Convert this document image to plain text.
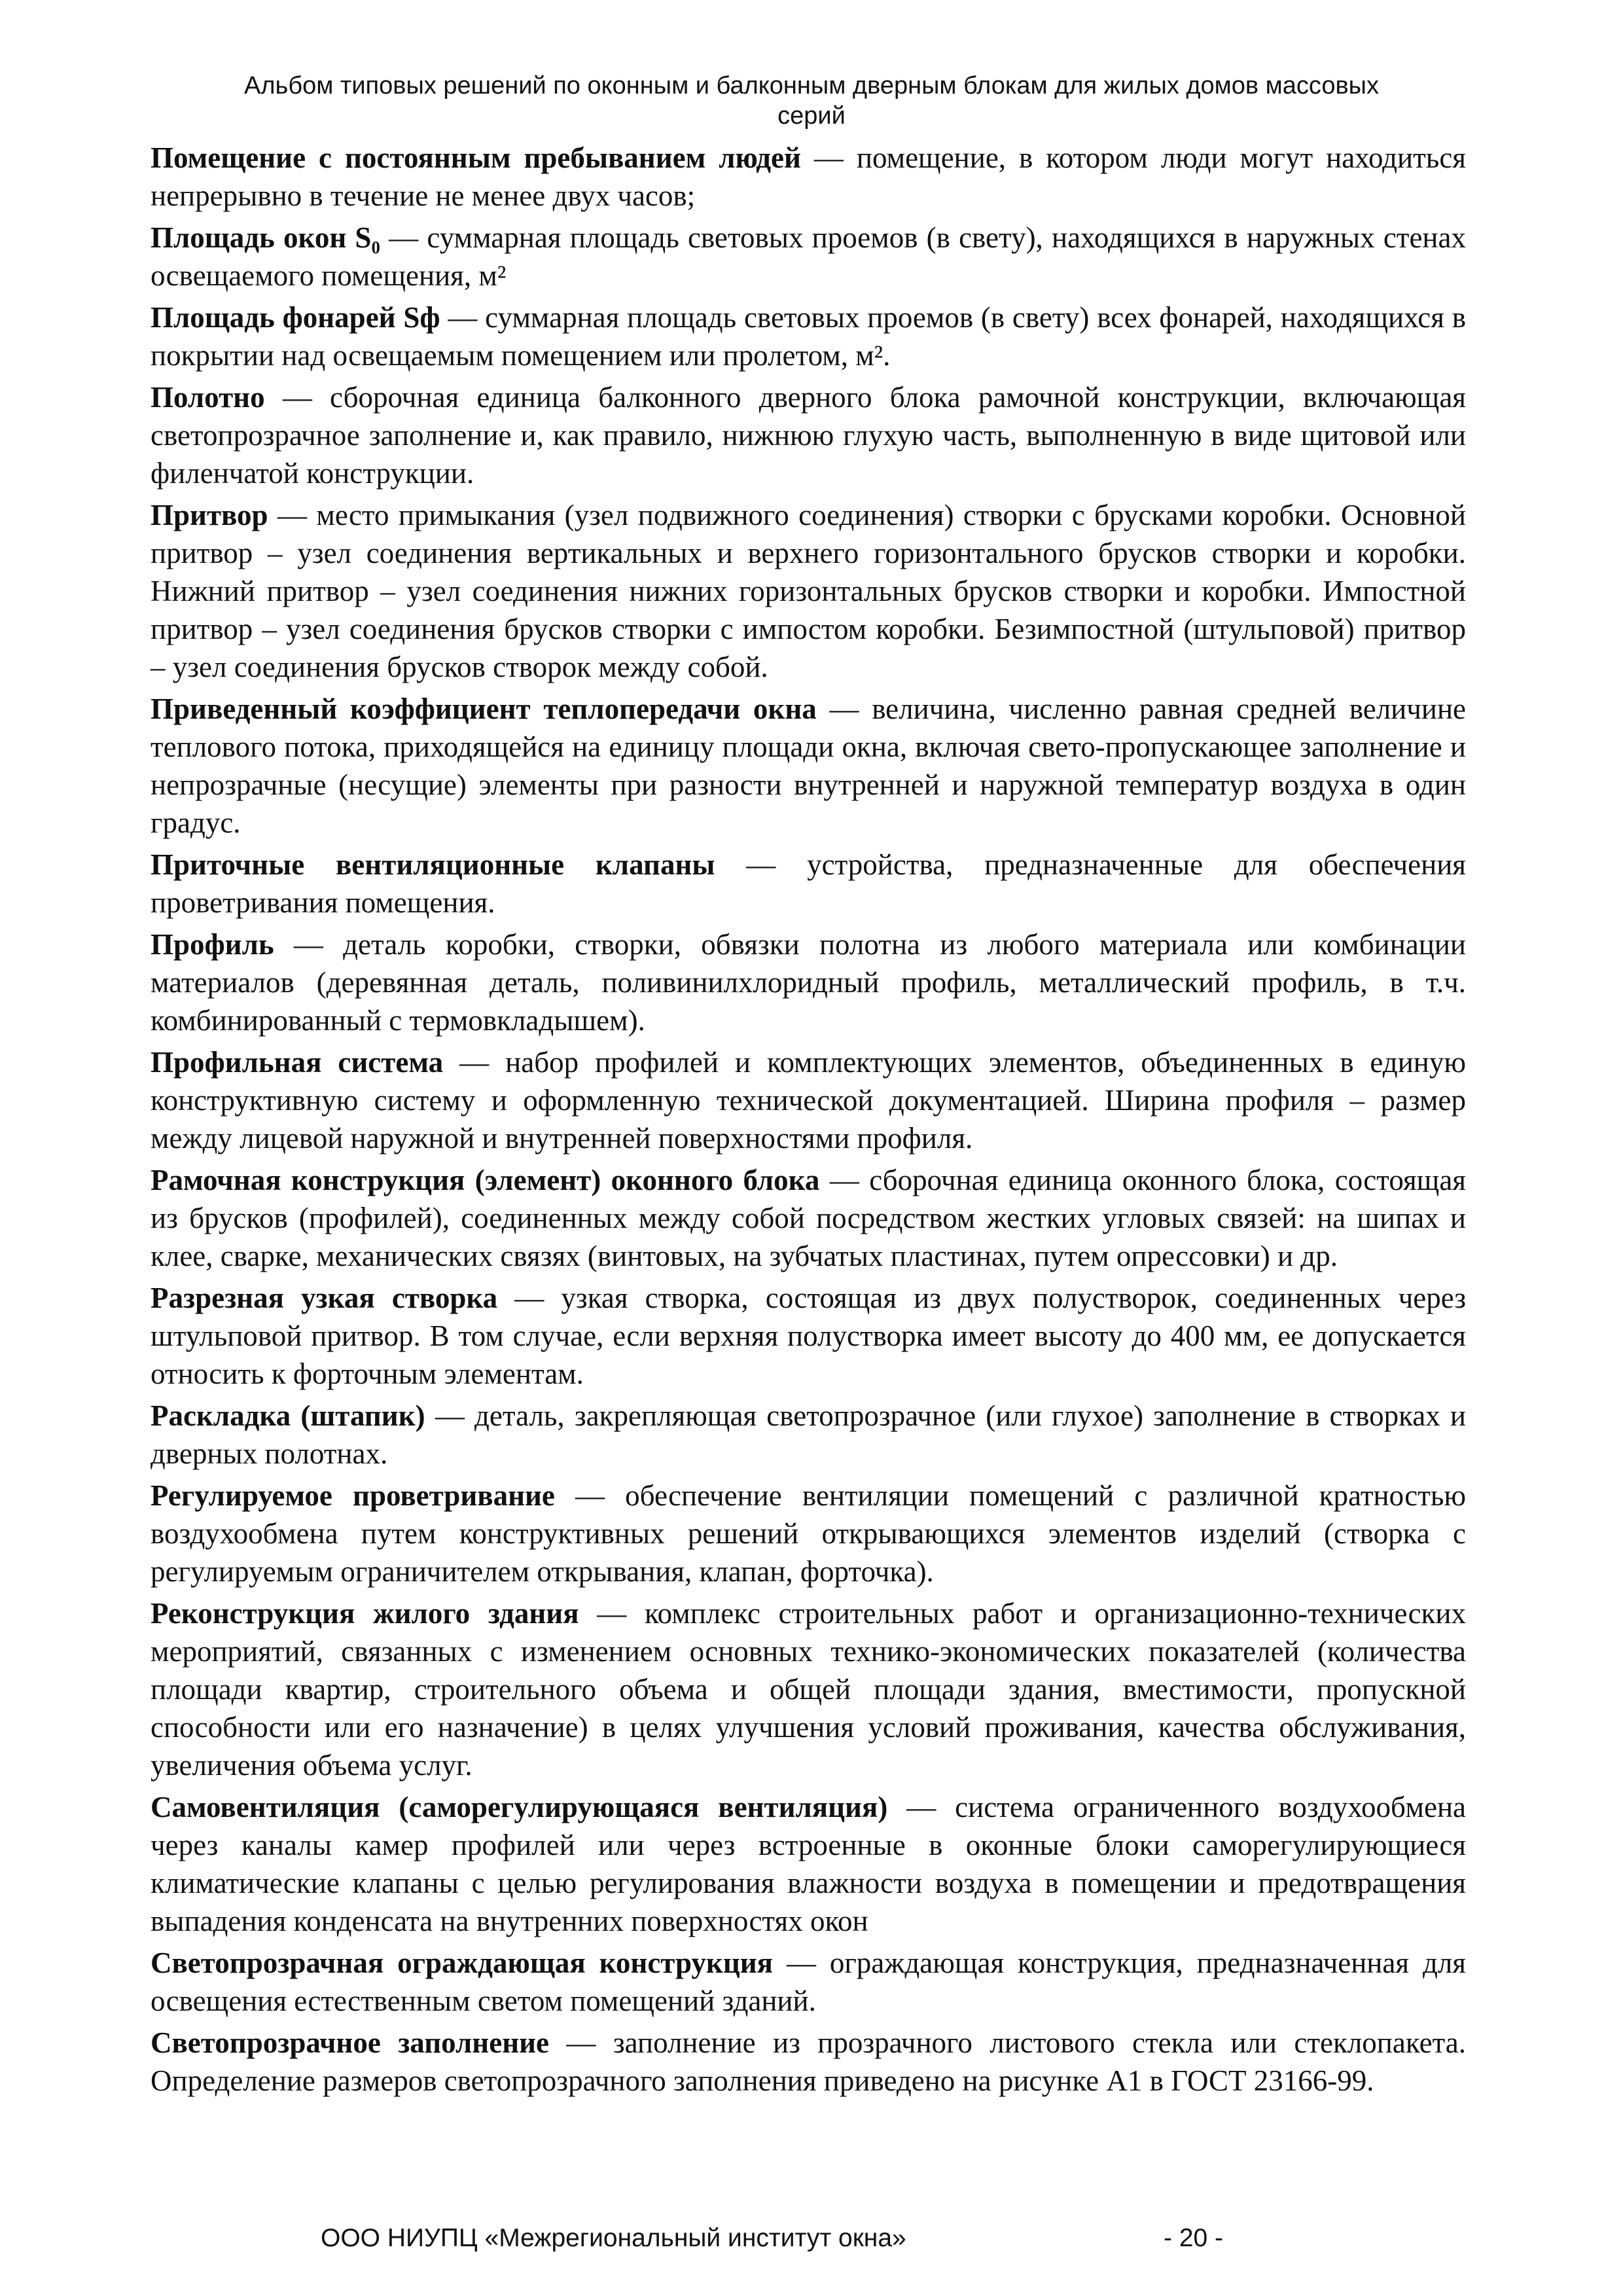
Альбом типовых решений по оконным и балконным дверным блокам для жилых домов массовых
серий

Помещение с постоянным пребыванием людей — помещение, в котором люди могут находиться непрерывно в течение не менее двух часов;

Площадь окон S₀ — суммарная площадь световых проемов (в свету), находящихся в наружных стенах освещаемого помещения, м²

Площадь фонарей Sф — суммарная площадь световых проемов (в свету) всех фонарей, находящихся в покрытии над освещаемым помещением или пролетом, м².

Полотно — сборочная единица балконного дверного блока рамочной конструкции, включающая светопрозрачное заполнение и, как правило, нижнюю глухую часть, выполненную в виде щитовой или филенчатой конструкции.

Притвор — место примыкания (узел подвижного соединения) створки с брусками коробки. Основной притвор – узел соединения вертикальных и верхнего горизонтального брусков створки и коробки. Нижний притвор – узел соединения нижних горизонтальных брусков створки и коробки. Импостной притвор – узел соединения брусков створки с импостом коробки. Безимпостной (штульповой) притвор – узел соединения брусков створок между собой.

Приведенный коэффициент теплопередачи окна — величина, численно равная средней величине теплового потока, приходящейся на единицу площади окна, включая свето-пропускающее заполнение и непрозрачные (несущие) элементы при разности внутренней и наружной температур воздуха в один градус.

Приточные вентиляционные клапаны — устройства, предназначенные для обеспечения проветривания помещения.

Профиль — деталь коробки, створки, обвязки полотна из любого материала или комбинации материалов (деревянная деталь, поливинилхлоридный профиль, металлический профиль, в т.ч. комбинированный с термовкладышем).

Профильная система — набор профилей и комплектующих элементов, объединенных в единую конструктивную систему и оформленную технической документацией. Ширина профиля – размер между лицевой наружной и внутренней поверхностями профиля.

Рамочная конструкция (элемент) оконного блока — сборочная единица оконного блока, состоящая из брусков (профилей), соединенных между собой посредством жестких угловых связей: на шипах и клее, сварке, механических связях (винтовых, на зубчатых пластинах, путем опрессовки) и др.

Разрезная узкая створка — узкая створка, состоящая из двух полустворок, соединенных через штульповой притвор. В том случае, если верхняя полустворка имеет высоту до 400 мм, ее допускается относить к форточным элементам.

Раскладка (штапик) — деталь, закрепляющая светопрозрачное (или глухое) заполнение в створках и дверных полотнах.

Регулируемое проветривание — обеспечение вентиляции помещений с различной кратностью воздухообмена путем конструктивных решений открывающихся элементов изделий (створка с регулируемым ограничителем открывания, клапан, форточка).

Реконструкция жилого здания — комплекс строительных работ и организационно-технических мероприятий, связанных с изменением основных технико-экономических показателей (количества площади квартир, строительного объема и общей площади здания, вместимости, пропускной способности или его назначение) в целях улучшения условий проживания, качества обслуживания, увеличения объема услуг.

Самовентиляция (саморегулирующаяся вентиляция) — система ограниченного воздухообмена через каналы камер профилей или через встроенные в оконные блоки саморегулирующиеся климатические клапаны с целью регулирования влажности воздуха в помещении и предотвращения выпадения конденсата на внутренних поверхностях окон

Светопрозрачная ограждающая конструкция — ограждающая конструкция, предназначенная для освещения естественным светом помещений зданий.

Светопрозрачное заполнение — заполнение из прозрачного листового стекла или стеклопакета. Определение размеров светопрозрачного заполнения приведено на рисунке А1 в ГОСТ 23166-99.

ООО НИУПЦ «Межрегиональный институт окна»	- 20 -
